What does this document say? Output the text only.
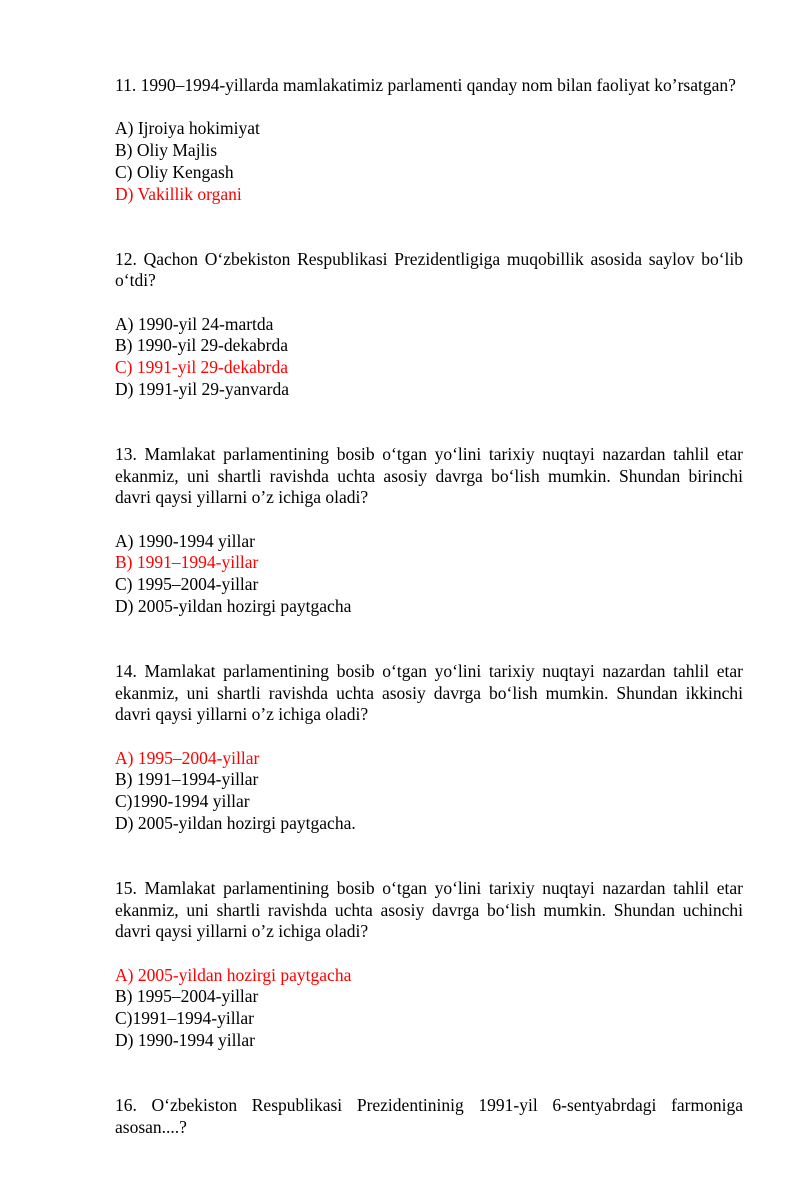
11. 1990–1994-yillarda mamlakatimiz parlamenti qanday nom bilan faoliyat ko’rsatgan?
A) Ijroiya hokimiyat
B) Oliy Majlis
C) Oliy Kengash
D) Vakillik organi
12. Qachon O‘zbekiston Respublikasi Prezidentligiga muqobillik asosida saylov bo‘lib o‘tdi?
A) 1990-yil 24-martda
B) 1990-yil 29-dekabrda
C) 1991-yil 29-dekabrda
D) 1991-yil 29-yanvarda
13. Mamlakat parlamentining bosib o‘tgan yo‘lini tarixiy nuqtayi nazardan tahlil etar ekanmiz, uni shartli ravishda uchta asosiy davrga bo‘lish mumkin. Shundan birinchi davri qaysi yillarni o’z ichiga oladi?
A) 1990-1994 yillar
B) 1991–1994-yillar
C) 1995–2004-yillar
D) 2005-yildan hozirgi paytgacha
14. Mamlakat parlamentining bosib o‘tgan yo‘lini tarixiy nuqtayi nazardan tahlil etar ekanmiz, uni shartli ravishda uchta asosiy davrga bo‘lish mumkin. Shundan ikkinchi davri qaysi yillarni o’z ichiga oladi?
A) 1995–2004-yillar
B) 1991–1994-yillar
C)1990-1994 yillar
D) 2005-yildan hozirgi paytgacha.
15. Mamlakat parlamentining bosib o‘tgan yo‘lini tarixiy nuqtayi nazardan tahlil etar ekanmiz, uni shartli ravishda uchta asosiy davrga bo‘lish mumkin. Shundan uchinchi davri qaysi yillarni o’z ichiga oladi?
A) 2005-yildan hozirgi paytgacha
B) 1995–2004-yillar
C)1991–1994-yillar
D) 1990-1994 yillar
16. O‘zbekiston Respublikasi Prezidentininig 1991-yil 6-sentyabrdagi farmoniga asosan....?
